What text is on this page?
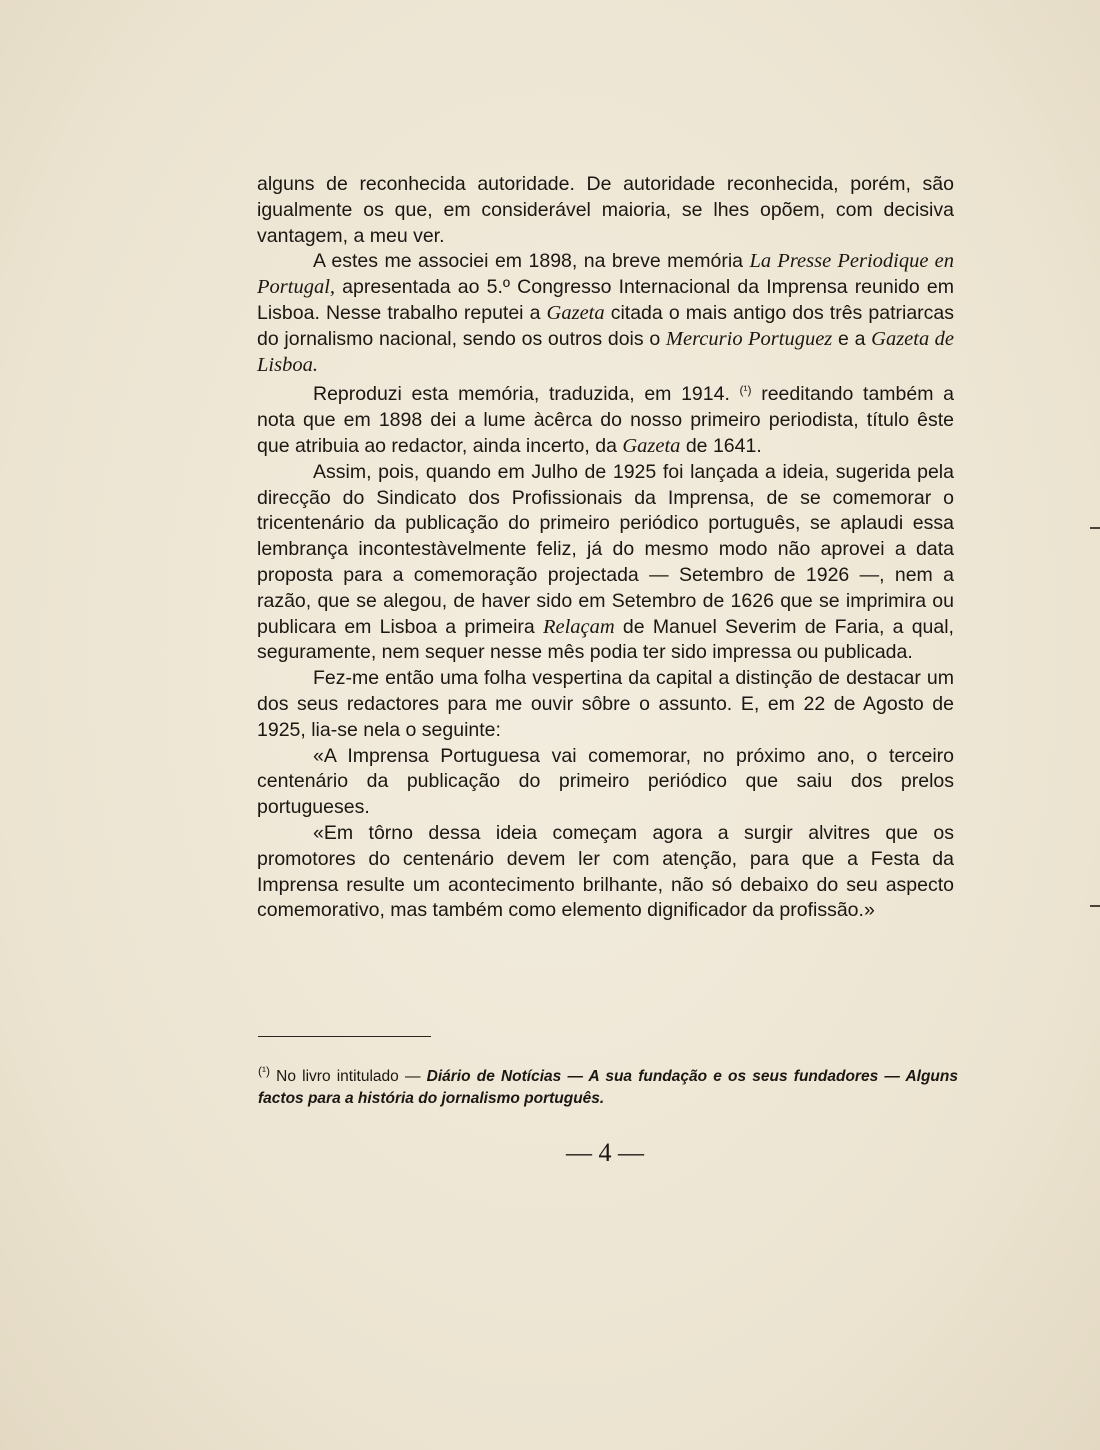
alguns de reconhecida autoridade. De autoridade reconhecida, porém, são igualmente os que, em considerável maioria, se lhes opõem, com decisiva vantagem, a meu ver.

A estes me associei em 1898, na breve memória La Presse Periodique en Portugal, apresentada ao 5.º Congresso Internacional da Imprensa reunido em Lisboa. Nesse trabalho reputei a Gazeta citada o mais antigo dos três patriarcas do jornalismo nacional, sendo os outros dois o Mercurio Portuguez e a Gazeta de Lisboa.

Reproduzi esta memória, traduzida, em 1914. $^{(^1)}$ reeditando também a nota que em 1898 dei a lume àcêrca do nosso primeiro periodista, título êste que atribuia ao redactor, ainda incerto, da Gazeta de 1641.

Assim, pois, quando em Julho de 1925 foi lançada a ideia, sugerida pela direcção do Sindicato dos Profissionais da Imprensa, de se comemorar o tricentenário da publicação do primeiro periódico português, se aplaudi essa lembrança incontestàvelmente feliz, já do mesmo modo não aprovei a data proposta para a comemoração projectada — Setembro de 1926 —, nem a razão, que se alegou, de haver sido em Setembro de 1626 que se imprimira ou publicara em Lisboa a primeira Relaçam de Manuel Severim de Faria, a qual, seguramente, nem sequer nesse mês podia ter sido impressa ou publicada.

Fez-me então uma folha vespertina da capital a distinção de destacar um dos seus redactores para me ouvir sôbre o assunto. E, em 22 de Agosto de 1925, lia-se nela o seguinte:

«A Imprensa Portuguesa vai comemorar, no próximo ano, o terceiro centenário da publicação do primeiro periódico que saiu dos prelos portugueses.

«Em tôrno dessa ideia começam agora a surgir alvitres que os promotores do centenário devem ler com atenção, para que a Festa da Imprensa resulte um acontecimento brilhante, não só debaixo do seu aspecto comemorativo, mas também como elemento dignificador da profissão.»

$^{(^1)}$ No livro intitulado — Diário de Notícias — A sua fundação e os seus fundadores — Alguns factos para a história do jornalismo português.
— 4 —
